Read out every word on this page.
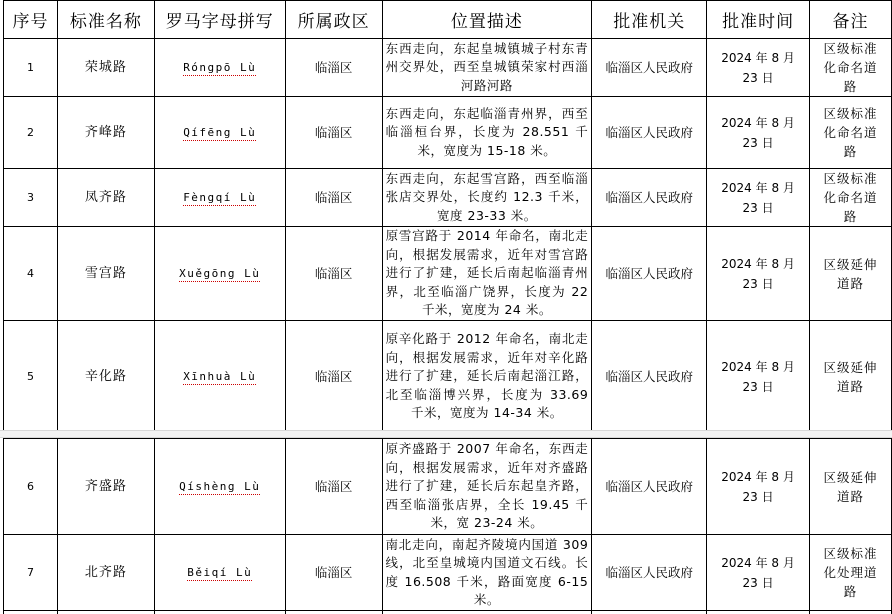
序号	标准名称	罗马字母拼写	所属政区	位置描述	批准机关	批准时间	备注
1	荣城路	Róngpō Lù	临淄区	东西走向，东起皇城镇城子村东青州交界处，西至皇城镇荣家村西淄河路河路	临淄区人民政府	2024 年 8 月 23 日	区级标准化命名道路
2	齐峰路	Qífēng Lù	临淄区	东西走向，东起临淄青州界，西至临淄桓台界，长度为 28.551 千米，宽度为 15-18 米。	临淄区人民政府	2024 年 8 月 23 日	区级标准化命名道路
3	凤齐路	Fèngqí Lù	临淄区	东西走向，东起雪宫路，西至临淄张店交界处，长度约 12.3 千米，宽度 23-33 米。	临淄区人民政府	2024 年 8 月 23 日	区级标准化命名道路
4	雪宫路	Xuěgōng Lù	临淄区	原雪宫路于 2014 年命名，南北走向，根据发展需求，近年对雪宫路进行了扩建，延长后南起临淄青州界，北至临淄广饶界，长度为 22 千米，宽度为 24 米。	临淄区人民政府	2024 年 8 月 23 日	区级延伸道路
5	辛化路	Xīnhuà Lù	临淄区	原辛化路于 2012 年命名，南北走向，根据发展需求，近年对辛化路进行了扩建，延长后南起淄江路，北至临淄博兴界，长度为 33.69 千米，宽度为 14-34 米。	临淄区人民政府	2024 年 8 月 23 日	区级延伸道路
6	齐盛路	Qíshèng Lù	临淄区	原齐盛路于 2007 年命名，东西走向，根据发展需求，近年对齐盛路进行了扩建，延长后东起皇齐路，西至临淄张店界，全长 19.45 千米，宽 23-24 米。	临淄区人民政府	2024 年 8 月 23 日	区级延伸道路
7	北齐路	Běiqí Lù	临淄区	南北走向，南起齐陵境内国道 309 线，北至皇城境内国道文石线。长度 16.508 千米，路面宽度 6-15 米。	临淄区人民政府	2024 年 8 月 23 日	区级标准化处理道路
